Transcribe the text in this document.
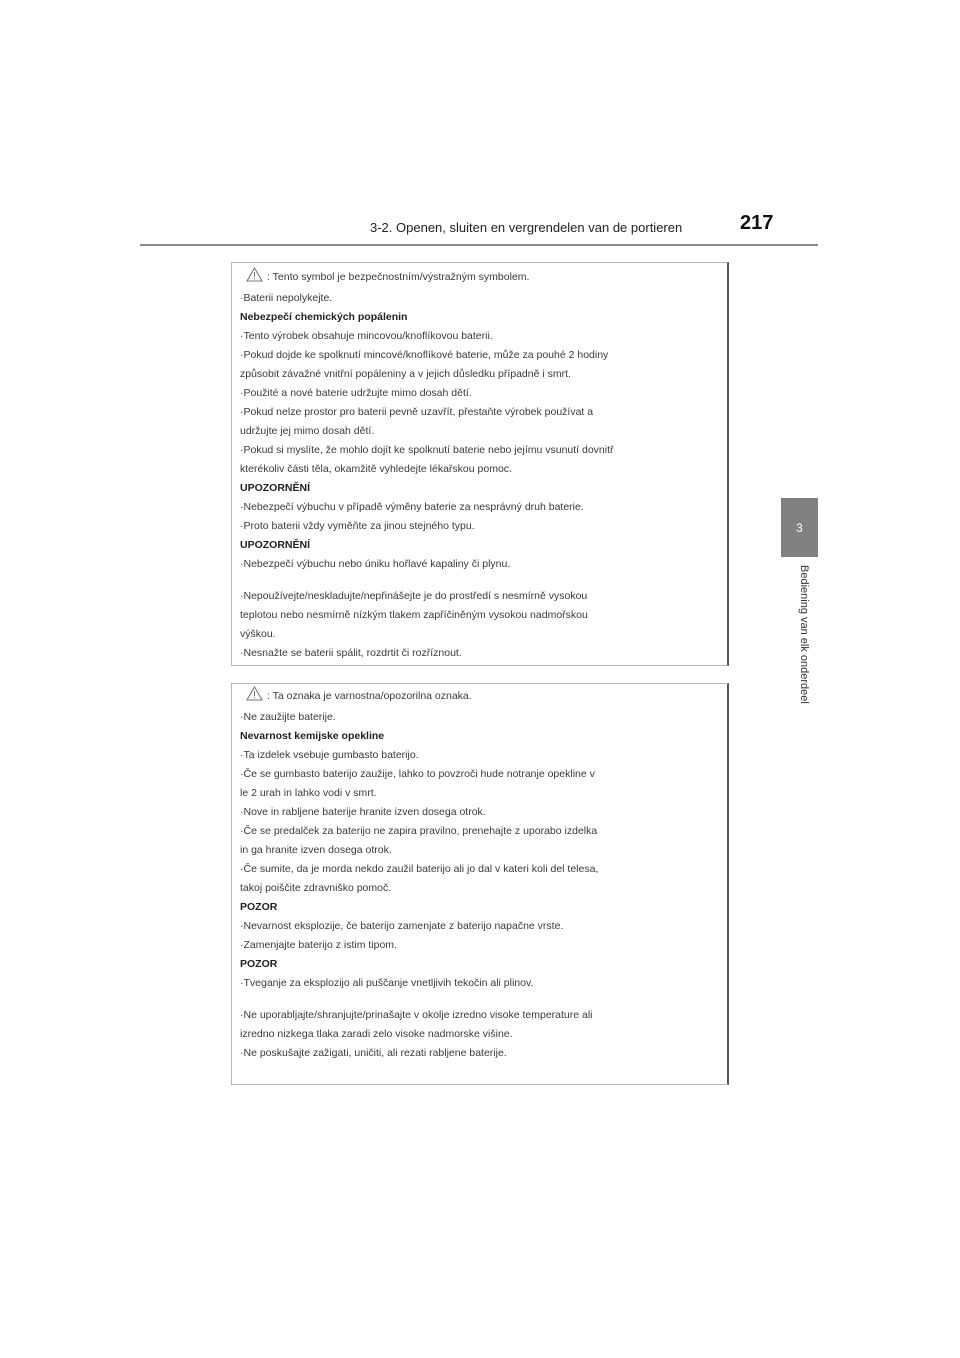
3-2. Openen, sluiten en vergrendelen van de portieren	217
3
Bediening van elk onderdeel
: Tento symbol je bezpečnostním/výstražným symbolem.
·Baterii nepolykejte.
Nebezpečí chemických popálenin
·Tento výrobek obsahuje mincovou/knoflíkovou baterii.
·Pokud dojde ke spolknutí mincové/knoflíkové baterie, může za pouhé 2 hodiny
způsobit závažné vnitřní popáleniny a v jejich důsledku případně i smrt.
·Použité a nové baterie udržujte mimo dosah dětí.
·Pokud nelze prostor pro baterii pevně uzavřít, přestaňte výrobek používat a
udržujte jej mimo dosah dětí.
·Pokud si myslíte, že mohlo dojít ke spolknutí baterie nebo jejímu vsunutí dovnitř
kterékoliv části těla, okamžitě vyhledejte lékařskou pomoc.
UPOZORNĚNÍ
·Nebezpečí výbuchu v případě výměny baterie za nesprávný druh baterie.
·Proto baterii vždy vyměňte za jinou stejného typu.
UPOZORNĚNÍ
·Nebezpečí výbuchu nebo úniku hořlavé kapaliny či plynu.
·Nepoužívejte/neskladujte/nepřinášejte je do prostředí s nesmírně vysokou
teplotou nebo nesmírně nízkým tlakem zapříčiněným vysokou nadmořskou
výškou.
·Nesnažte se baterii spálit, rozdrtit či rozříznout.
: Ta oznaka je varnostna/opozorilna oznaka.
·Ne zaužijte baterije.
Nevarnost kemijske opekline
·Ta izdelek vsebuje gumbasto baterijo.
·Če se gumbasto baterijo zaužije, lahko to povzroči hude notranje opekline v
le 2 urah in lahko vodi v smrt.
·Nove in rabljene baterije hranite izven dosega otrok.
·Če se predalček za baterijo ne zapira pravilno, prenehajte z uporabo izdelka
in ga hranite izven dosega otrok.
·Če sumite, da je morda nekdo zaužil baterijo ali jo dal v kateri koli del telesa,
takoj poiščite zdravniško pomoč.
POZOR
·Nevarnost eksplozije, če baterijo zamenjate z baterijo napačne vrste.
·Zamenjajte baterijo z istim tipom.
POZOR
·Tveganje za eksplozijo ali puščanje vnetljivih tekočin ali plinov.
·Ne uporabljajte/shranjujte/prinašajte v okolje izredno visoke temperature ali
izredno nizkega tlaka zaradi zelo visoke nadmorske višine.
·Ne poskušajte zažigati, uničiti, ali rezati rabljene baterije.
